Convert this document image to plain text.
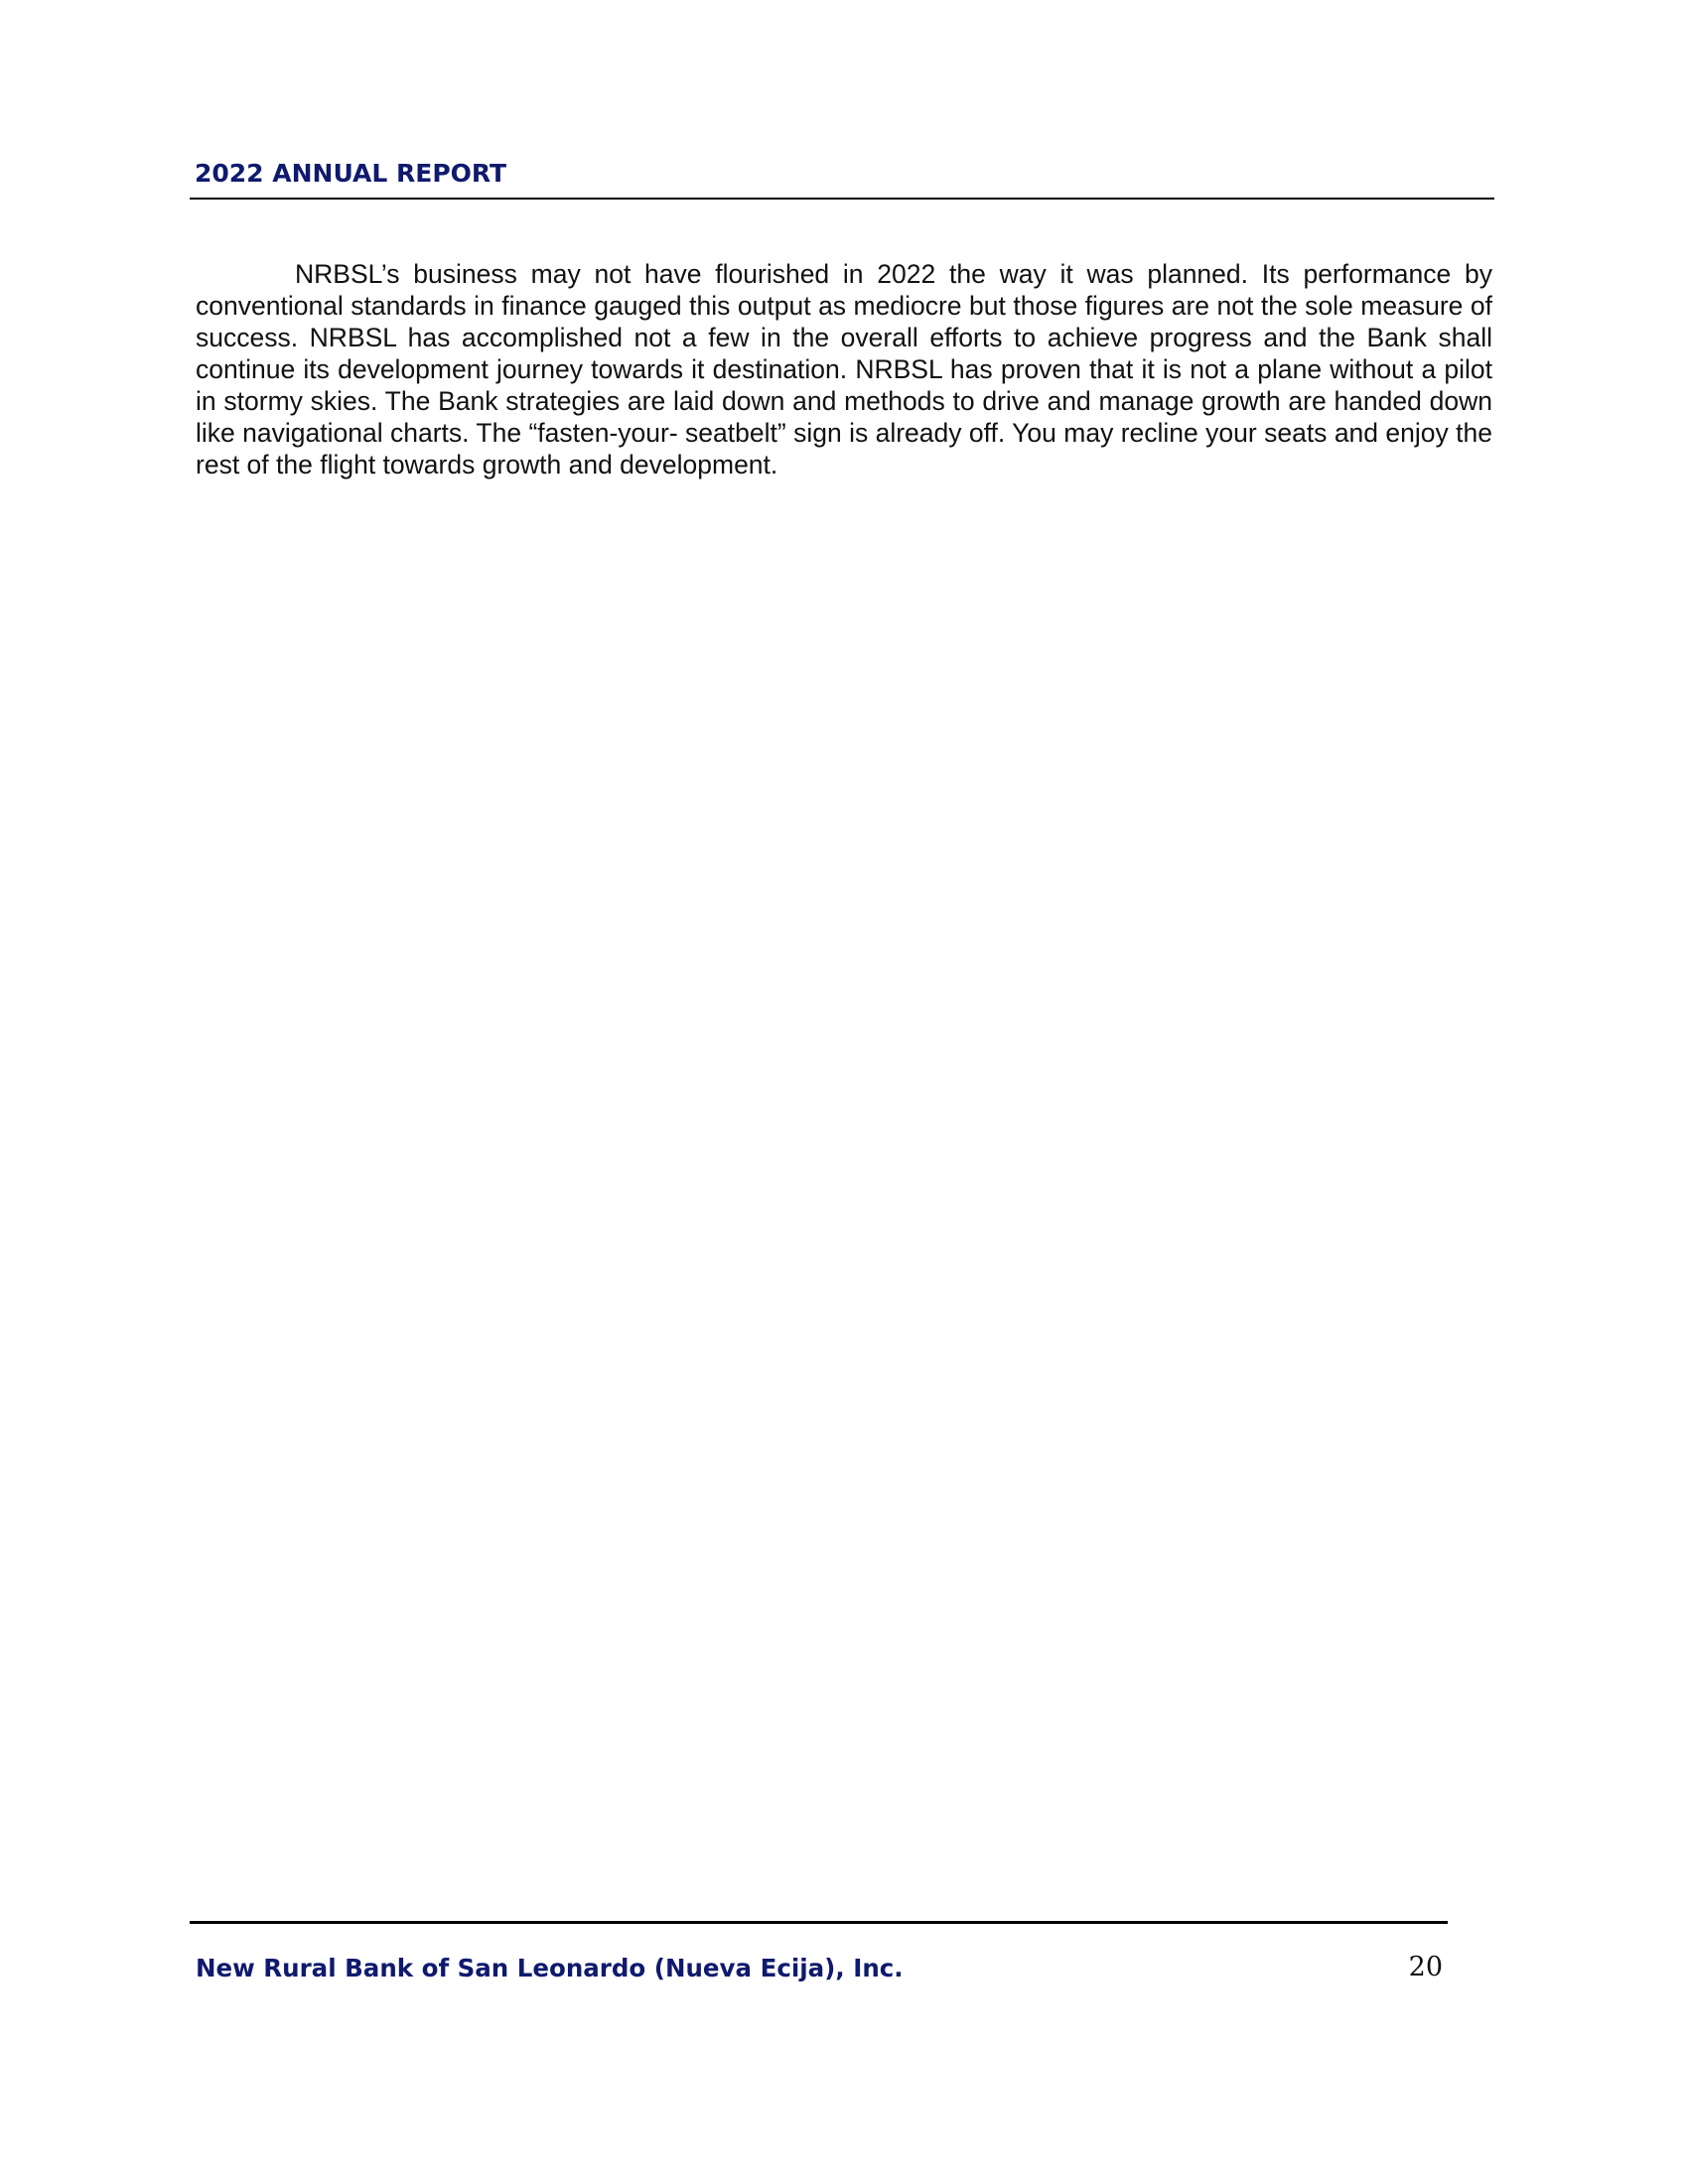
2022 ANNUAL REPORT

NRBSL’s business may not have flourished in 2022 the way it was planned. Its performance by conventional standards in finance gauged this output as mediocre but those figures are not the sole measure of success. NRBSL has accomplished not a few in the overall efforts to achieve progress and the Bank shall continue its development journey towards it destination. NRBSL has proven that it is not a plane without a pilot in stormy skies. The Bank strategies are laid down and methods to drive and manage growth are handed down like navigational charts. The “fasten-your- seatbelt” sign is already off. You may recline your seats and enjoy the rest of the flight towards growth and development.

New Rural Bank of San Leonardo (Nueva Ecija), Inc.	20
